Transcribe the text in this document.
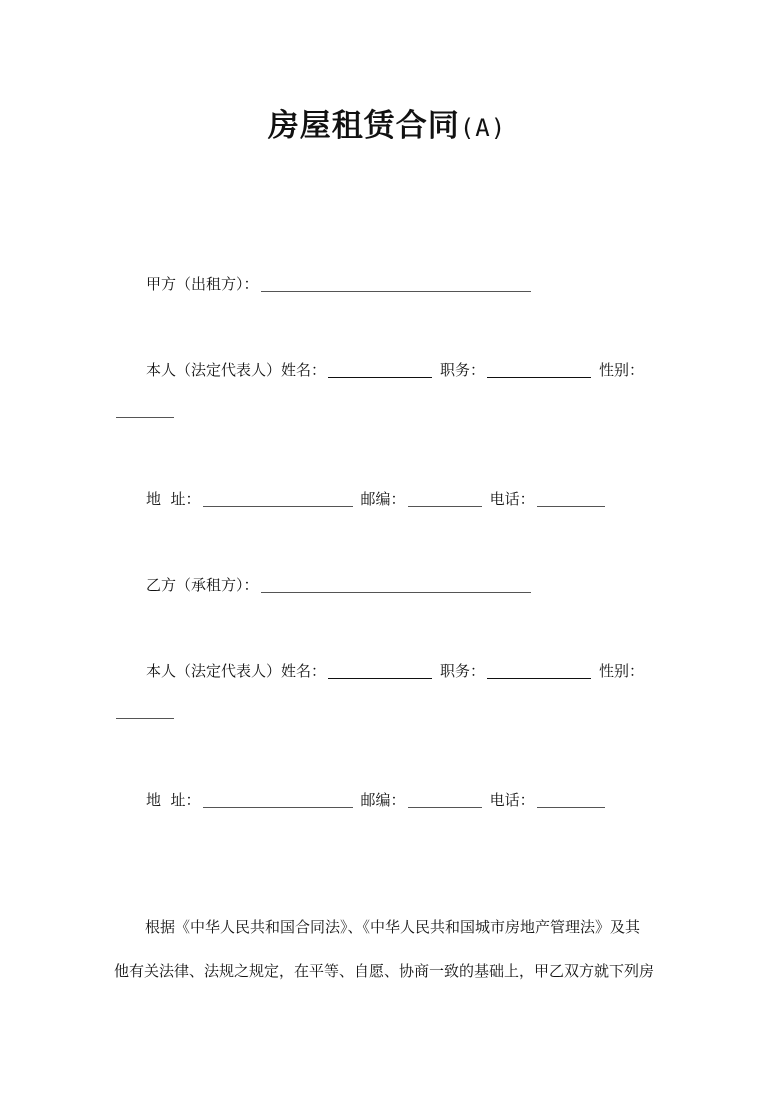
房屋租赁合同(A)
甲方（出租方）：
本人（法定代表人）姓名：	职务：	性别：
地  址：	邮编：	电话：
乙方（承租方）：
本人（法定代表人）姓名：	职务：	性别：
地  址：	邮编：	电话：
根据《中华人民共和国合同法》、《中华人民共和国城市房地产管理法》及其
他有关法律、法规之规定，在平等、自愿、协商一致的基础上，甲乙双方就下列房
